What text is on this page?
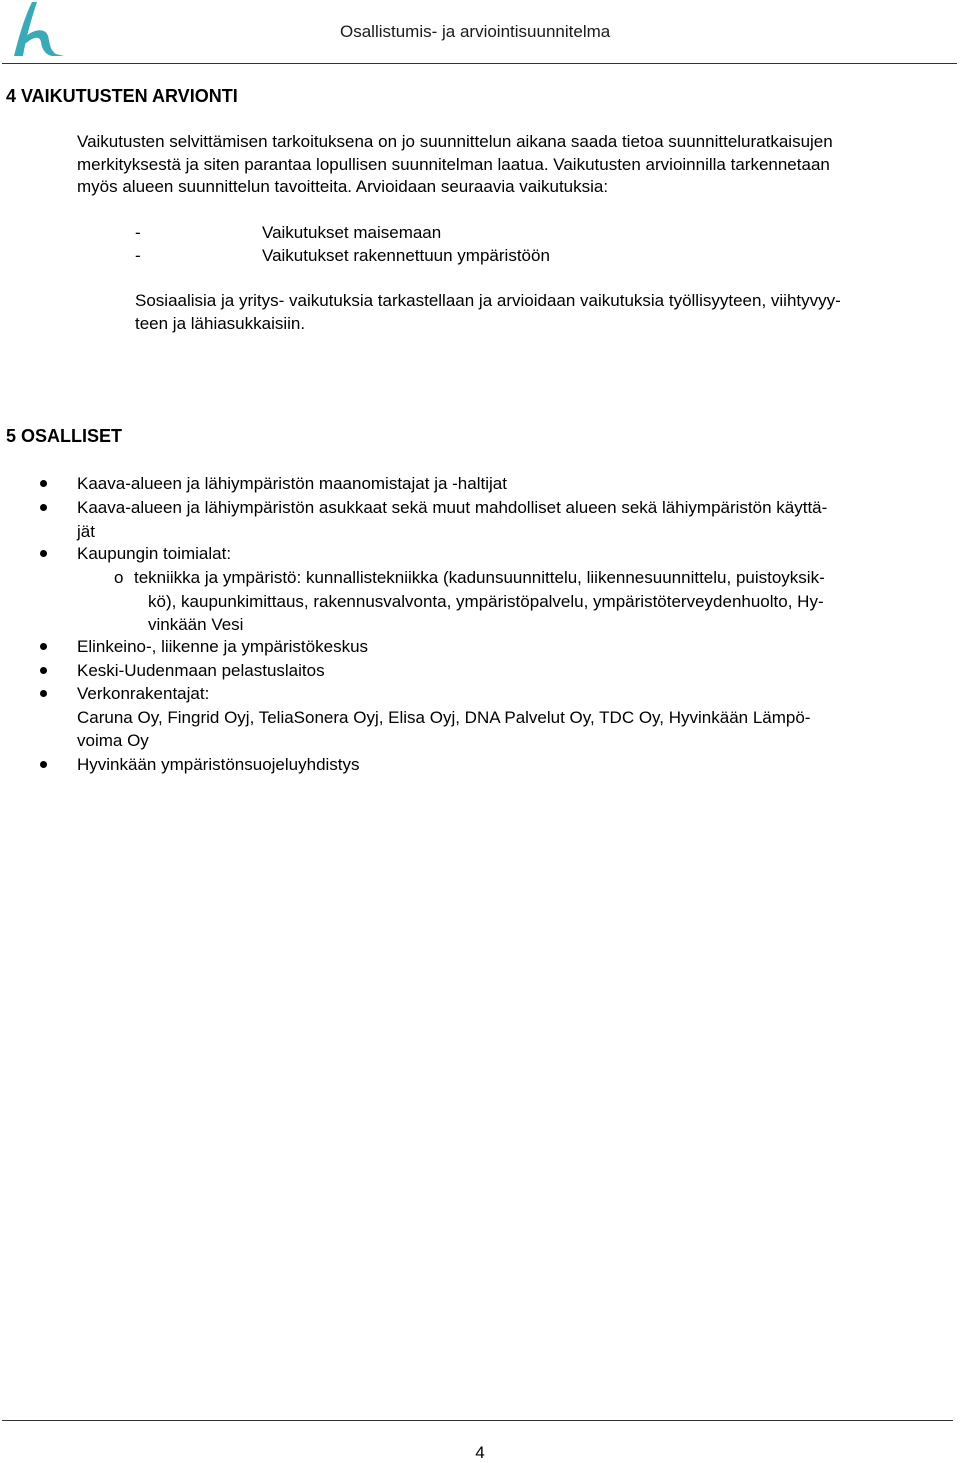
Osallistumis- ja arviointisuunnitelma
4 VAIKUTUSTEN ARVIONTI
Vaikutusten selvittämisen tarkoituksena on jo suunnittelun aikana saada tietoa suunnitteluratkaisujen
merkityksestä ja siten parantaa lopullisen suunnitelman laatua. Vaikutusten arvioinnilla tarkennetaan
myös alueen suunnittelun tavoitteita. Arvioidaan seuraavia vaikutuksia:
-	Vaikutukset maisemaan
-	Vaikutukset rakennettuun ympäristöön
Sosiaalisia ja yritys- vaikutuksia tarkastellaan ja arvioidaan vaikutuksia työllisyyteen, viihtyvyy-
teen ja lähiasukkaisiin.
5 OSALLISET
Kaava-alueen ja lähiympäristön maanomistajat ja -haltijat
Kaava-alueen ja lähiympäristön asukkaat sekä muut mahdolliset alueen sekä lähiympäristön käyttä-
jät
Kaupungin toimialat:
o tekniikka ja ympäristö: kunnallistekniikka (kadunsuunnittelu, liikennesuunnittelu, puistoyksik-
kö), kaupunkimittaus, rakennusvalvonta, ympäristöpalvelu, ympäristöterveydenhuolto, Hy-
vinkään Vesi
Elinkeino-, liikenne ja ympäristökeskus
Keski-Uudenmaan pelastuslaitos
Verkonrakentajat:
Caruna Oy, Fingrid Oyj, TeliaSonera Oyj, Elisa Oyj, DNA Palvelut Oy, TDC Oy, Hyvinkään Lämpö-
voima Oy
Hyvinkään ympäristönsuojeluyhdistys
4
